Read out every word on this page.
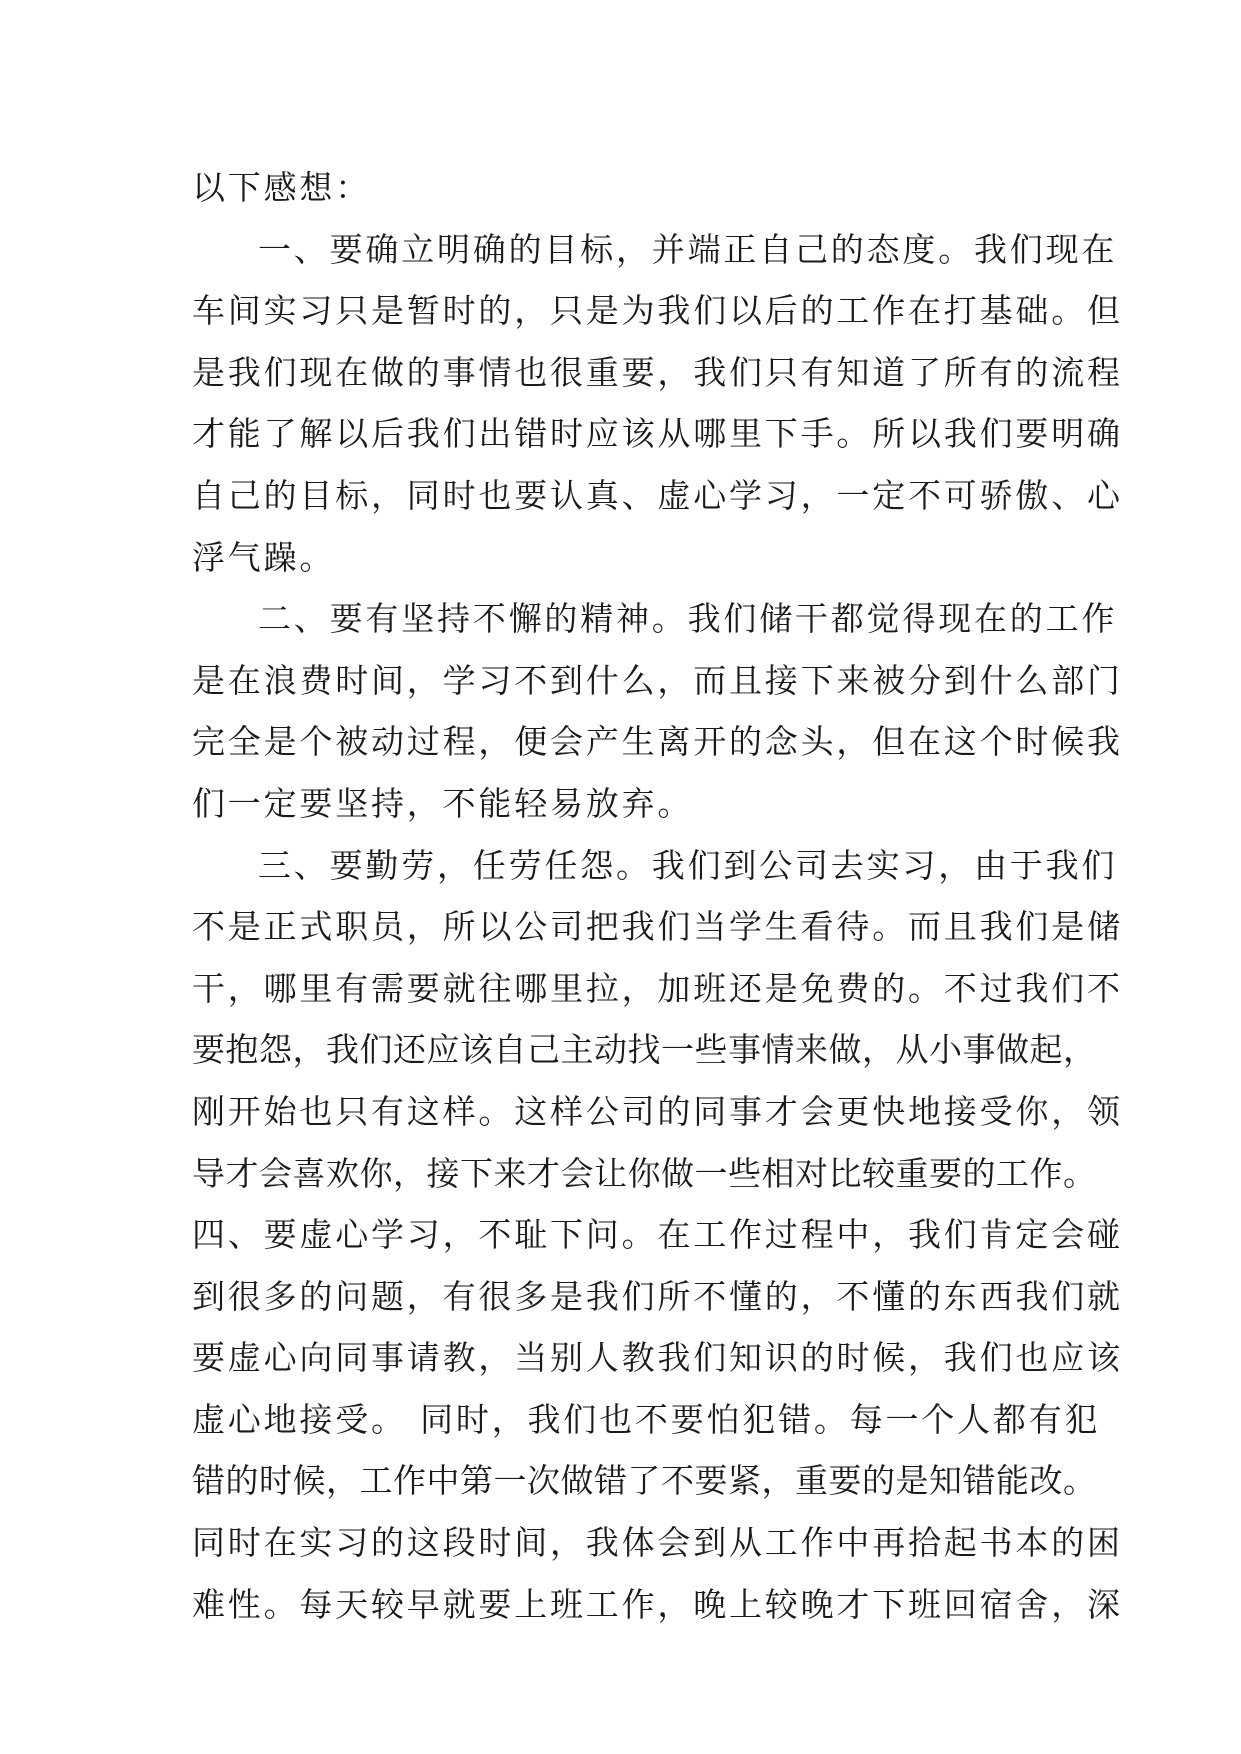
以下感想：
一、要确立明确的目标，并端正自己的态度。我们现在
车间实习只是暂时的，只是为我们以后的工作在打基础。但
是我们现在做的事情也很重要，我们只有知道了所有的流程
才能了解以后我们出错时应该从哪里下手。所以我们要明确
自己的目标，同时也要认真、虚心学习，一定不可骄傲、心
浮气躁。
二、要有坚持不懈的精神。我们储干都觉得现在的工作
是在浪费时间，学习不到什么，而且接下来被分到什么部门
完全是个被动过程，便会产生离开的念头，但在这个时候我
们一定要坚持，不能轻易放弃。
三、要勤劳，任劳任怨。我们到公司去实习，由于我们
不是正式职员，所以公司把我们当学生看待。而且我们是储
干，哪里有需要就往哪里拉，加班还是免费的。不过我们不
要抱怨，我们还应该自己主动找一些事情来做，从小事做起，
刚开始也只有这样。这样公司的同事才会更快地接受你，领
导才会喜欢你，接下来才会让你做一些相对比较重要的工作。
四、要虚心学习，不耻下问。在工作过程中，我们肯定会碰
到很多的问题，有很多是我们所不懂的，不懂的东西我们就
要虚心向同事请教，当别人教我们知识的时候，我们也应该
虚心地接受。 同时，我们也不要怕犯错。每一个人都有犯
错的时候，工作中第一次做错了不要紧，重要的是知错能改。
同时在实习的这段时间，我体会到从工作中再拾起书本的困
难性。每天较早就要上班工作，晚上较晚才下班回宿舍，深
